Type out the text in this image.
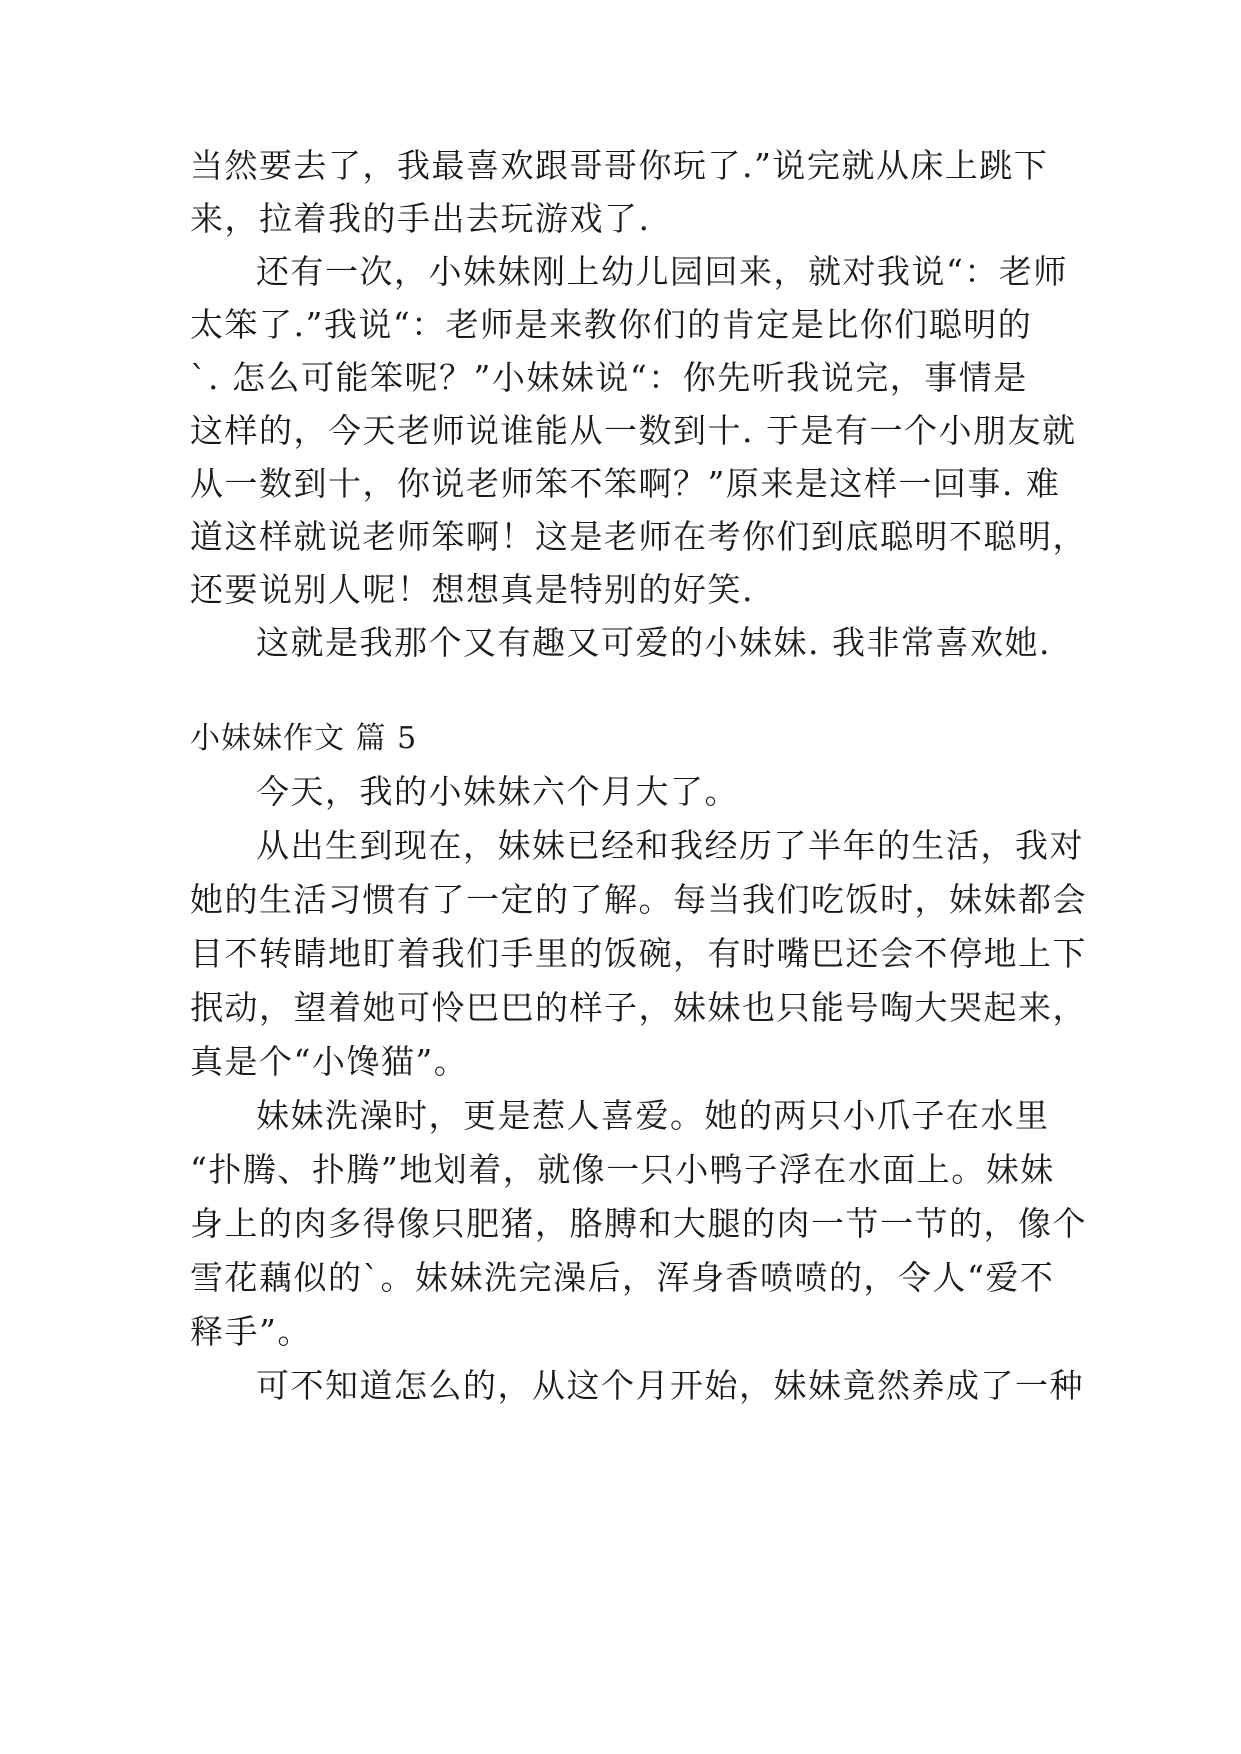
当然要去了，我最喜欢跟哥哥你玩了.”说完就从床上跳下
来，拉着我的手出去玩游戏了.
还有一次，小妹妹刚上幼儿园回来，就对我说“：老师
太笨了.”我说“：老师是来教你们的肯定是比你们聪明的
`. 怎么可能笨呢？”小妹妹说“：你先听我说完，事情是
这样的，今天老师说谁能从一数到十. 于是有一个小朋友就
从一数到十，你说老师笨不笨啊？”原来是这样一回事. 难
道这样就说老师笨啊！这是老师在考你们到底聪明不聪明，
还要说别人呢！想想真是特别的好笑.
这就是我那个又有趣又可爱的小妹妹. 我非常喜欢她.
小妹妹作文 篇 5
今天，我的小妹妹六个月大了。
从出生到现在，妹妹已经和我经历了半年的生活，我对
她的生活习惯有了一定的了解。每当我们吃饭时，妹妹都会
目不转睛地盯着我们手里的饭碗，有时嘴巴还会不停地上下
抿动，望着她可怜巴巴的样子，妹妹也只能号啕大哭起来，
真是个“小馋猫”。
妹妹洗澡时，更是惹人喜爱。她的两只小爪子在水里
“扑腾、扑腾”地划着，就像一只小鸭子浮在水面上。妹妹
身上的肉多得像只肥猪，胳膊和大腿的肉一节一节的，像个
雪花藕似的`。妹妹洗完澡后，浑身香喷喷的，令人“爱不
释手”。
可不知道怎么的，从这个月开始，妹妹竟然养成了一种
